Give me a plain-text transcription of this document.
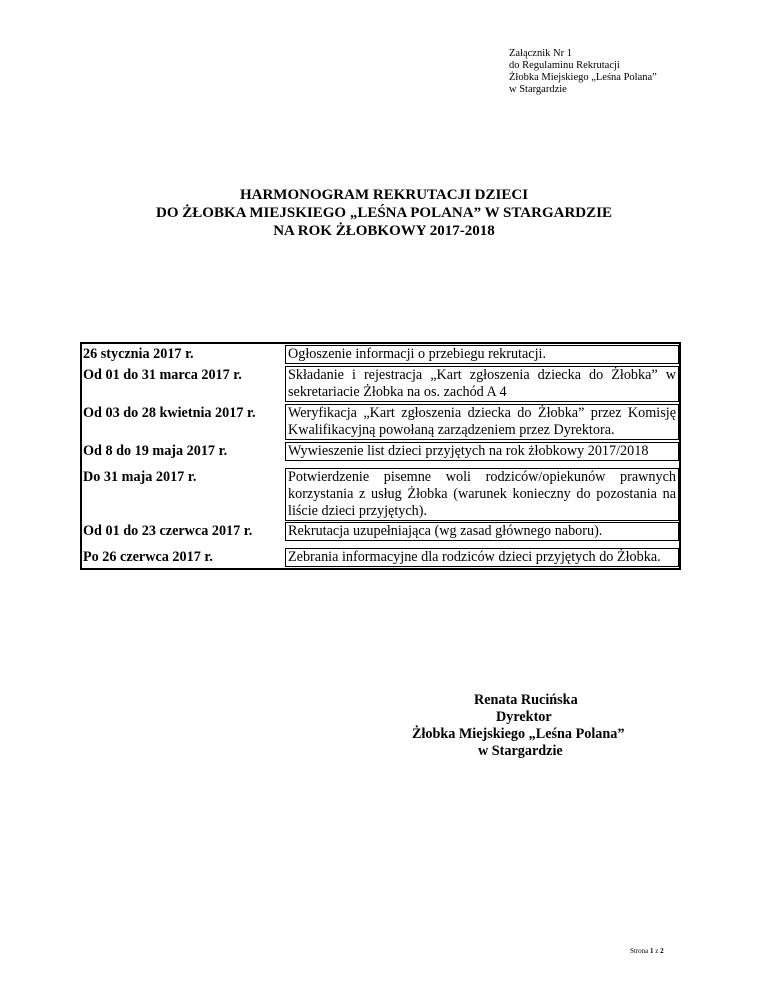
Załącznik Nr 1
do Regulaminu Rekrutacji
Żłobka Miejskiego „Leśna Polana”
w Stargardzie
HARMONOGRAM REKRUTACJI DZIECI
DO ŻŁOBKA MIEJSKIEGO „LEŚNA POLANA” W STARGARDZIE
NA ROK ŻŁOBKOWY 2017-2018
26 stycznia 2017 r.	Ogłoszenie informacji o przebiegu rekrutacji.
Od 01 do 31 marca 2017 r.	Składanie i rejestracja „Kart zgłoszenia dziecka do Żłobka” w sekretariacie Żłobka na os. zachód A 4
Od 03 do 28 kwietnia 2017 r.	Weryfikacja „Kart zgłoszenia dziecka do Żłobka” przez Komisję Kwalifikacyjną powołaną zarządzeniem przez Dyrektora.
Od 8 do 19 maja 2017 r.	Wywieszenie list dzieci przyjętych na rok żłobkowy 2017/2018
Do 31 maja 2017 r.	Potwierdzenie pisemne woli rodziców/opiekunów prawnych korzystania z usług Żłobka (warunek konieczny do pozostania na liście dzieci przyjętych).
Od 01 do 23 czerwca 2017 r.	Rekrutacja uzupełniająca (wg zasad głównego naboru).
Po 26 czerwca 2017 r.	Zebrania informacyjne dla rodziców dzieci przyjętych do Żłobka.
Renata Rucińska
Dyrektor
Żłobka Miejskiego „Leśna Polana”
w Stargardzie
Strona 1 z 2
